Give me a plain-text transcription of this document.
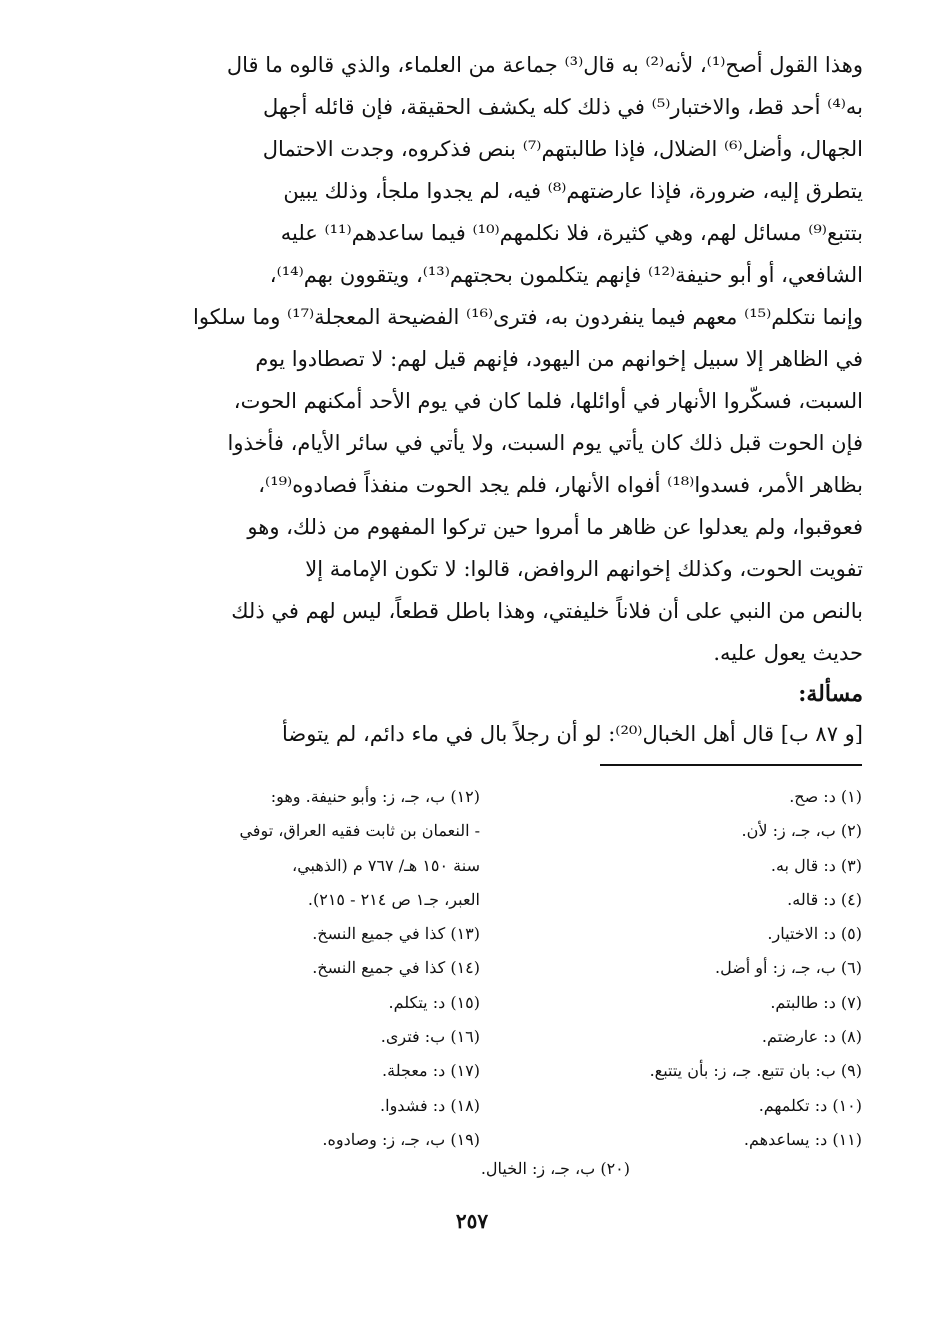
وهذا القول أصح⁽¹⁾، لأنه⁽²⁾ به قال⁽³⁾ جماعة من العلماء، والذي قالوه ما قال

به⁽⁴⁾ أحد قط، والاختبار⁽⁵⁾ في ذلك كله يكشف الحقيقة، فإن قائله أجهل

الجهال، وأضل⁽⁶⁾ الضلال، فإذا طالبتهم⁽⁷⁾ بنص فذكروه، وجدت الاحتمال

يتطرق إليه، ضرورة، فإذا عارضتهم⁽⁸⁾ فيه، لم يجدوا ملجأ، وذلك يبين

بتتبع⁽⁹⁾ مسائل لهم، وهي كثيرة، فلا نكلمهم⁽¹⁰⁾ فيما ساعدهم⁽¹¹⁾ عليه

الشافعي، أو أبو حنيفة⁽¹²⁾ فإنهم يتكلمون بحجتهم⁽¹³⁾، ويتقوون بهم⁽¹⁴⁾،

وإنما نتكلم⁽¹⁵⁾ معهم فيما ينفردون به، فترى⁽¹⁶⁾ الفضيحة المعجلة⁽¹⁷⁾ وما سلكوا

في الظاهر إلا سبيل إخوانهم من اليهود، فإنهم قيل لهم: لا تصطادوا يوم

السبت، فسكّروا الأنهار في أوائلها، فلما كان في يوم الأحد أمكنهم الحوت،

فإن الحوت قبل ذلك كان يأتي يوم السبت، ولا يأتي في سائر الأيام، فأخذوا

بظاهر الأمر، فسدوا⁽¹⁸⁾ أفواه الأنهار، فلم يجد الحوت منفذاً فصادوه⁽¹⁹⁾،

فعوقبوا، ولم يعدلوا عن ظاهر ما أمروا حين تركوا المفهوم من ذلك، وهو

تفويت الحوت، وكذلك إخوانهم الروافض، قالوا: لا تكون الإمامة إلا

بالنص من النبي على أن فلاناً خليفتي، وهذا باطل قطعاً، ليس لهم في ذلك

حديث يعول عليه.

مسألة:
[و ٨٧ ب] قال أهل الخبال⁽²⁰⁾: لو أن رجلاً بال في ماء دائم، لم يتوضأ
(١) د: صح.
(٢) ب، جـ، ز: لأن.
(٣) د: قال به.
(٤) د: قاله.
(٥) د: الاختيار.
(٦) ب، جـ، ز: أو أضل.
(٧) د: طالبتم.
(٨) د: عارضتم.
(٩) ب: بان تتبع. جـ، ز: بأن يتتبع.
(١٠) د: تكلمهم.
(١١) د: يساعدهم.
(١٢) ب، جـ، ز: وأبو حنيفة. وهو:
- النعمان بن ثابت فقيه العراق، توفي
سنة ١٥٠ هـ/ ٧٦٧ م (الذهبي،
العبر، جـ١ ص ٢١٤ - ٢١٥).
(١٣) كذا في جميع النسخ.
(١٤) كذا في جميع النسخ.
(١٥) د: يتكلم.
(١٦) ب: فترى.
(١٧) د: معجلة.
(١٨) د: فشدوا.
(١٩) ب، جـ، ز: وصادوه.
(٢٠) ب، جـ، ز: الخيال.
٢٥٧
